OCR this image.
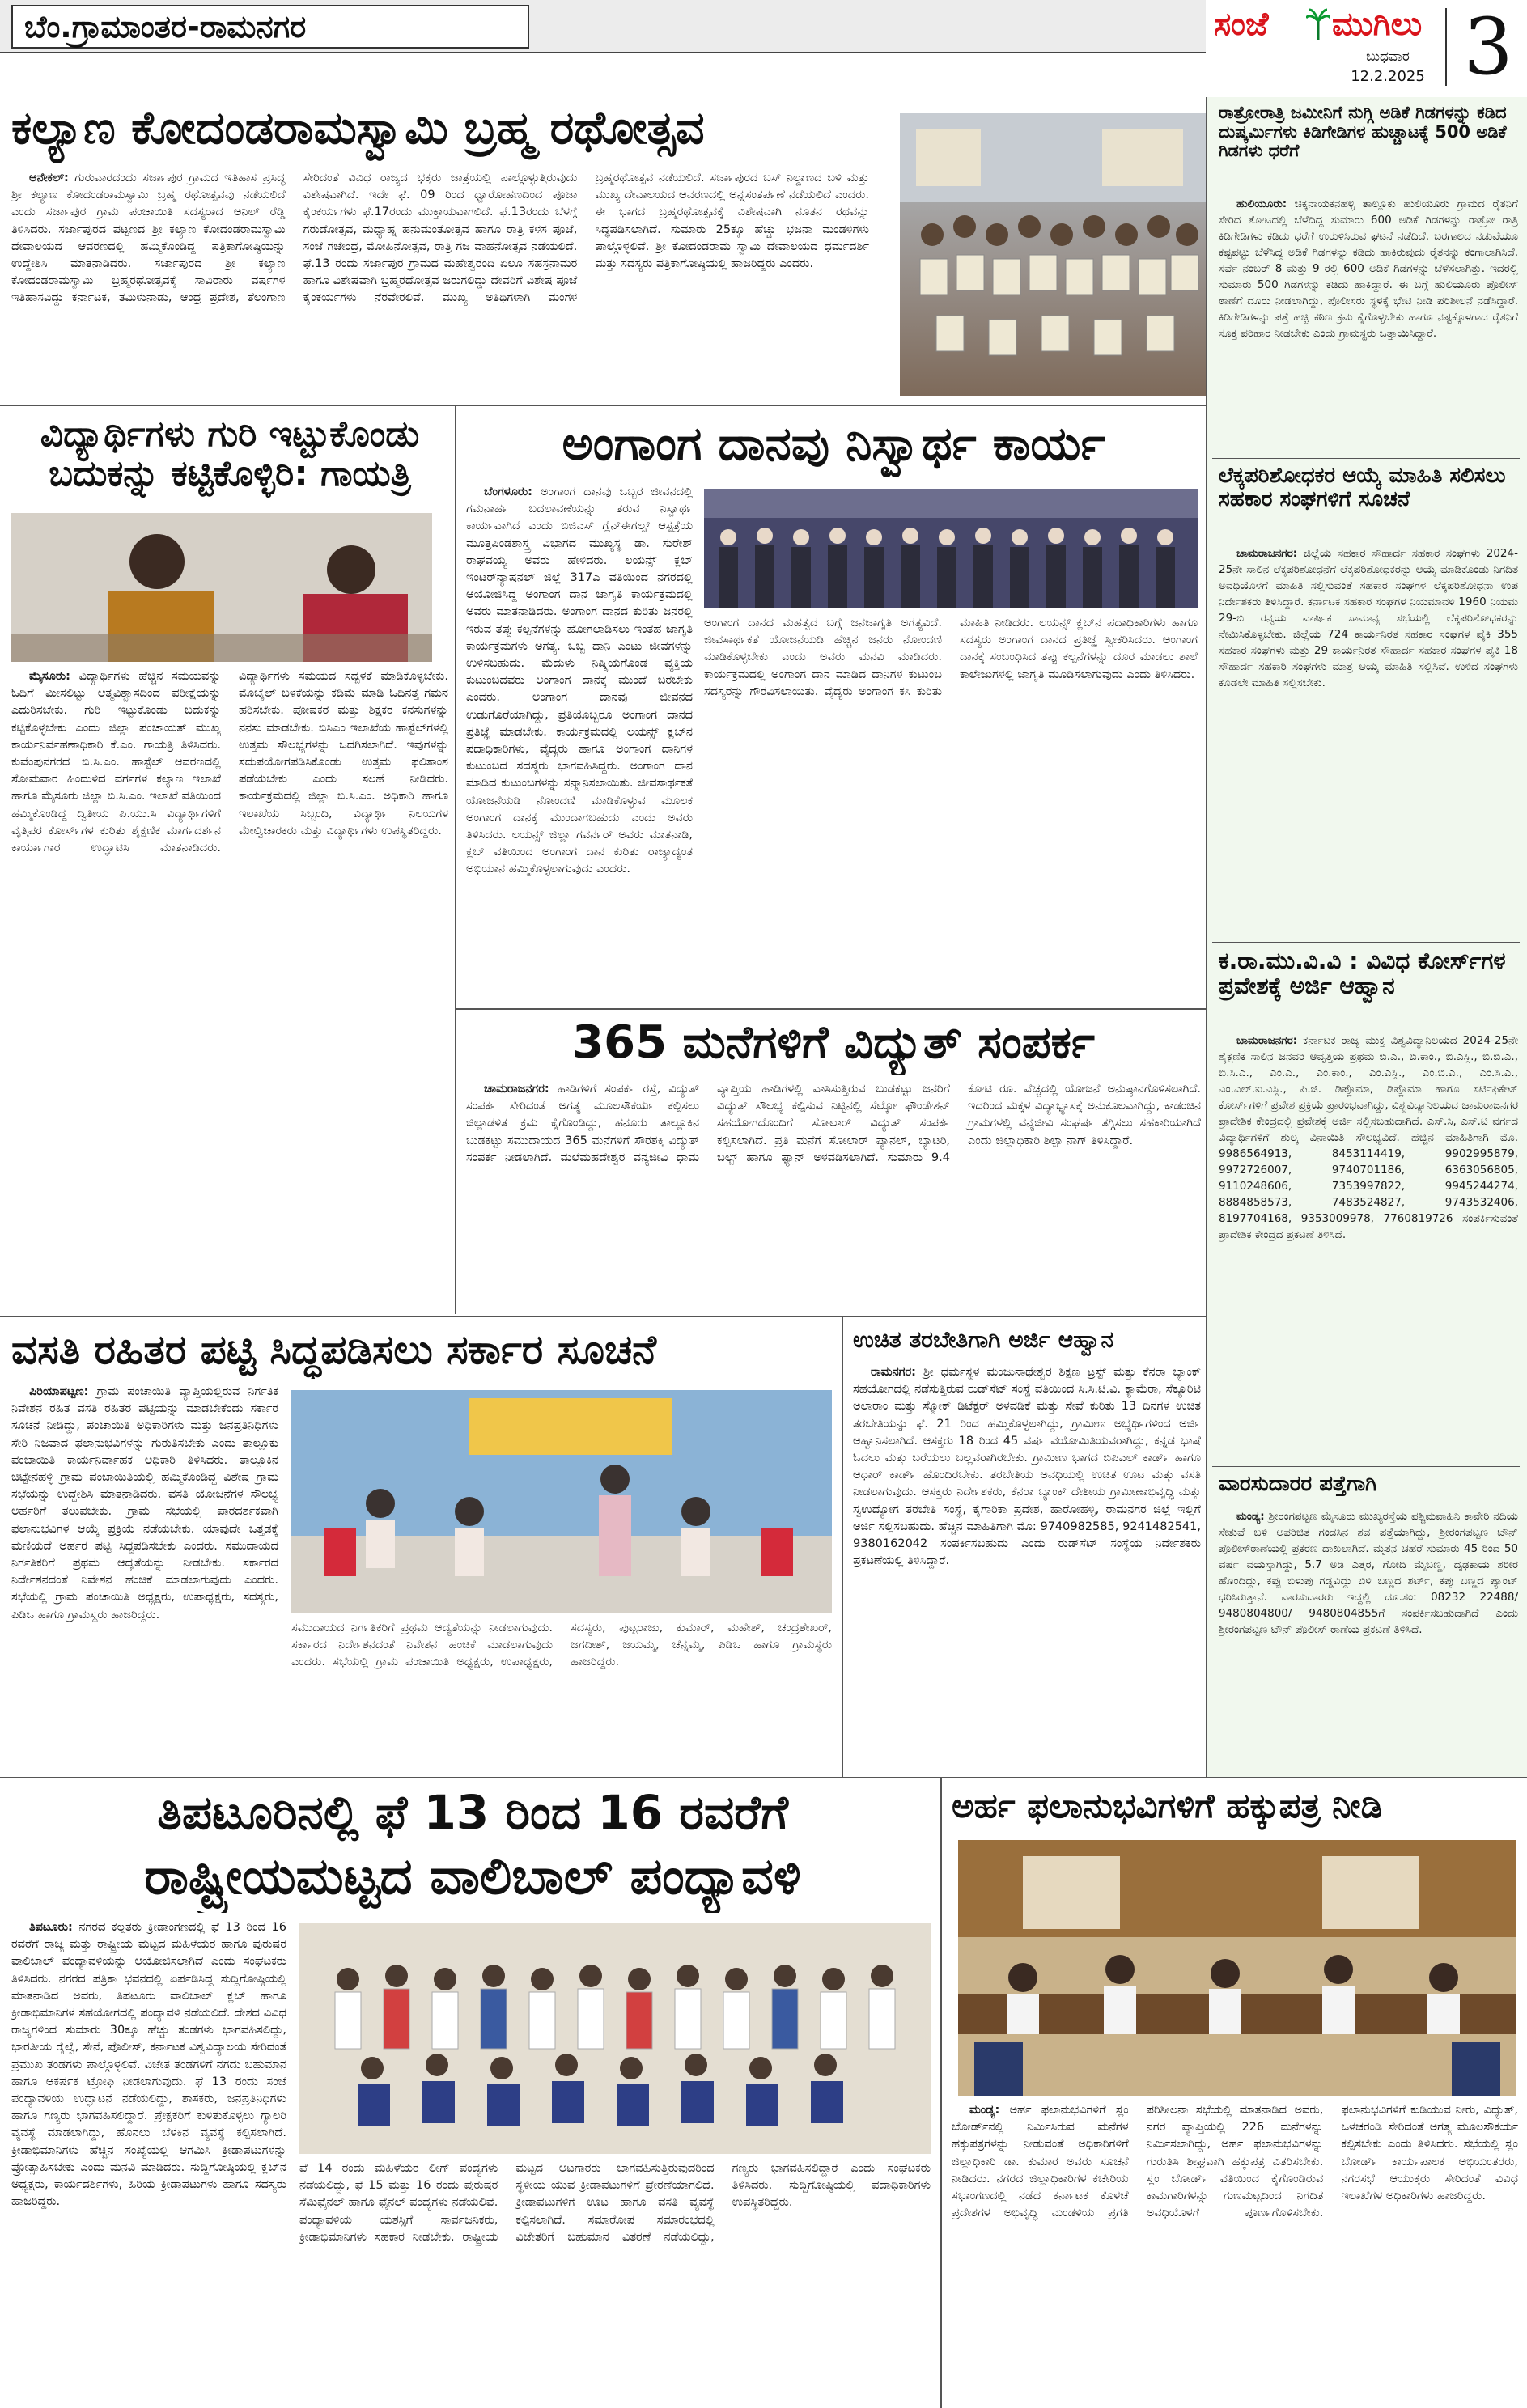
ಬೆಂ.ಗ್ರಾಮಾಂತರ-ರಾಮನಗರ	ಸಂಜೆ	ಮುಗಿಲು
ಬುಧವಾರ
12.2.2025 3
ಕಲ್ಯಾಣ ಕೋದಂಡರಾಮಸ್ವಾಮಿ ಬ್ರಹ್ಮ ರಥೋತ್ಸವ

ಆನೇಕಲ್: ಗುರುವಾರದಂದು ಸರ್ಜಾಪುರ ಗ್ರಾಮದ ಇತಿಹಾಸ ಪ್ರಸಿದ್ಧ ಶ್ರೀ ಕಲ್ಯಾಣ ಕೋದಂಡರಾಮಸ್ವಾಮಿ ಬ್ರಹ್ಮ ರಥೋತ್ಸವವು ನಡೆಯಲಿದೆ ಎಂದು ಸರ್ಜಾಪುರ ಗ್ರಾಮ ಪಂಚಾಯಿತಿ ಸದಸ್ಯರಾದ ಅನಿಲ್ ರೆಡ್ಡಿ ತಿಳಿಸಿದರು. ಸರ್ಜಾಪುರದ ಪಟ್ಟಣದ ಶ್ರೀ ಕಲ್ಯಾಣ ಕೋದಂಡರಾಮಸ್ವಾಮಿ ದೇವಾಲಯದ ಆವರಣದಲ್ಲಿ ಹಮ್ಮಿಕೊಂಡಿದ್ದ ಪತ್ರಿಕಾಗೋಷ್ಠಿಯನ್ನು ಉದ್ದೇಶಿಸಿ ಮಾತನಾಡಿದರು. ಸರ್ಜಾಪುರದ ಶ್ರೀ ಕಲ್ಯಾಣ ಕೋದಂಡರಾಮಸ್ವಾಮಿ ಬ್ರಹ್ಮರಥೋತ್ಸವಕ್ಕೆ ಸಾವಿರಾರು ವರ್ಷಗಳ ಇತಿಹಾಸವಿದ್ದು ಕರ್ನಾಟಕ, ತಮಿಳುನಾಡು, ಆಂಧ್ರ ಪ್ರದೇಶ, ತೆಲಂಗಾಣ ಸೇರಿದಂತೆ ವಿವಿಧ ರಾಜ್ಯದ ಭಕ್ತರು ಜಾತ್ರೆಯಲ್ಲಿ ಪಾಲ್ಗೊಳ್ಳುತ್ತಿರುವುದು ವಿಶೇಷವಾಗಿದೆ. ಇದೇ ಫೆ. 09 ರಿಂದ ಧ್ವಾರೋಹಣದಿಂದ ಪೂಜಾ ಕೈಂಕರ್ಯಗಳು ಫೆ.17ರಂದು ಮುಕ್ತಾಯವಾಗಲಿದೆ. ಫೆ.13ರಂದು ಬೆಳಗ್ಗೆ ಗರುಡೋತ್ಸವ, ಮಧ್ಯಾಹ್ನ ಹನುಮಂತೋತ್ಸವ ಹಾಗೂ ರಾತ್ರಿ ಕಳಸ ಪೂಜೆ, ಸಂಜೆ ಗಜೇಂದ್ರ, ಮೋಹಿನೋತ್ಸವ, ರಾತ್ರಿ ಗಜ ವಾಹನೋತ್ಸವ ನಡೆಯಲಿದೆ. ಫೆ.13 ರಂದು ಸರ್ಜಾಪುರ ಗ್ರಾಮದ ಮಹೇಶ್ವರಂದಿ ಏಲೂ ಸಹಸ್ರನಾಮರ ಹಾಗೂ ವಿಶೇಷವಾಗಿ ಬ್ರಹ್ಮರಥೋತ್ಸವ ಜರುಗಲಿದ್ದು ದೇವರಿಗೆ ವಿಶೇಷ ಪೂಜೆ ಕೈಂಕರ್ಯಗಳು ನೆರವೇರಲಿವೆ. ಮುಖ್ಯ ಅತಿಥಿಗಳಾಗಿ ಮಂಗಳ ಬ್ರಹ್ಮರಥೋತ್ಸವ ನಡೆಯಲಿದೆ. ಸರ್ಜಾಪುರದ ಬಸ್ ನಿಲ್ದಾಣದ ಬಳಿ ಮತ್ತು ಮುಖ್ಯ ದೇವಾಲಯದ ಆವರಣದಲ್ಲಿ ಅನ್ನಸಂತರ್ಪಣೆ ನಡೆಯಲಿದೆ ಎಂದರು. ಈ ಭಾಗದ ಬ್ರಹ್ಮರಥೋತ್ಸವಕ್ಕೆ ವಿಶೇಷವಾಗಿ ನೂತನ ರಥವನ್ನು ಸಿದ್ಧಪಡಿಸಲಾಗಿದೆ. ಸುಮಾರು 25ಕ್ಕೂ ಹೆಚ್ಚು ಭಜನಾ ಮಂಡಳಿಗಳು ಪಾಲ್ಗೊಳ್ಳಲಿವೆ. ಶ್ರೀ ಕೋದಂಡರಾಮ ಸ್ವಾಮಿ ದೇವಾಲಯದ ಧರ್ಮದರ್ಶಿ ಮತ್ತು ಸದಸ್ಯರು ಪತ್ರಿಕಾಗೋಷ್ಠಿಯಲ್ಲಿ ಹಾಜರಿದ್ದರು ಎಂದರು.

ರಾತ್ರೋರಾತ್ರಿ ಜಮೀನಿಗೆ ನುಗ್ಗಿ ಅಡಿಕೆ ಗಿಡಗಳನ್ನು ಕಡಿದ ದುಷ್ಕರ್ಮಿಗಳು ಕಿಡಿಗೇಡಿಗಳ ಹುಚ್ಚಾಟಕ್ಕೆ 500 ಅಡಿಕೆ ಗಿಡಗಳು ಧರೆಗೆ

ಹುಲಿಯೂರು: ಚಿಕ್ಕನಾಯಕನಹಳ್ಳಿ ತಾಲ್ಲೂಕು ಹುಲಿಯೂರು ಗ್ರಾಮದ ರೈತನಿಗೆ ಸೇರಿದ ತೋಟದಲ್ಲಿ ಬೆಳೆದಿದ್ದ ಸುಮಾರು 600 ಅಡಿಕೆ ಗಿಡಗಳನ್ನು ರಾತ್ರೋ ರಾತ್ರಿ ಕಿಡಿಗೇಡಿಗಳು ಕಡಿದು ಧರೆಗೆ ಉರುಳಿಸಿರುವ ಘಟನೆ ನಡೆದಿದೆ. ಬರಗಾಲದ ನಡುವೆಯೂ ಕಷ್ಟಪಟ್ಟು ಬೆಳೆಸಿದ್ದ ಅಡಿಕೆ ಗಿಡಗಳನ್ನು ಕಡಿದು ಹಾಕಿರುವುದು ರೈತನನ್ನು ಕಂಗಾಲಾಗಿಸಿದೆ. ಸರ್ವೆ ನಂಬರ್ 8 ಮತ್ತು 9 ರಲ್ಲಿ 600 ಅಡಿಕೆ ಗಿಡಗಳನ್ನು ಬೆಳೆಸಲಾಗಿತ್ತು. ಇದರಲ್ಲಿ ಸುಮಾರು 500 ಗಿಡಗಳನ್ನು ಕಡಿದು ಹಾಕಿದ್ದಾರೆ. ಈ ಬಗ್ಗೆ ಹುಲಿಯೂರು ಪೊಲೀಸ್ ಠಾಣೆಗೆ ದೂರು ನೀಡಲಾಗಿದ್ದು, ಪೊಲೀಸರು ಸ್ಥಳಕ್ಕೆ ಭೇಟಿ ನೀಡಿ ಪರಿಶೀಲನೆ ನಡೆಸಿದ್ದಾರೆ. ಕಿಡಿಗೇಡಿಗಳನ್ನು ಪತ್ತೆ ಹಚ್ಚಿ ಕಠಿಣ ಕ್ರಮ ಕೈಗೊಳ್ಳಬೇಕು ಹಾಗೂ ನಷ್ಟಕ್ಕೊಳಗಾದ ರೈತನಿಗೆ ಸೂಕ್ತ ಪರಿಹಾರ ನೀಡಬೇಕು ಎಂದು ಗ್ರಾಮಸ್ಥರು ಒತ್ತಾಯಿಸಿದ್ದಾರೆ.

ಲೆಕ್ಕಪರಿಶೋಧಕರ ಆಯ್ಕೆ ಮಾಹಿತಿ ಸಲಿಸಲು ಸಹಕಾರ ಸಂಘಗಳಿಗೆ ಸೂಚನೆ

ಚಾಮರಾಜನಗರ: ಜಿಲ್ಲೆಯ ಸಹಕಾರ ಸೌಹಾರ್ದ ಸಹಕಾರ ಸಂಘಗಳು 2024-25ನೇ ಸಾಲಿನ ಲೆಕ್ಕಪರಿಶೋಧನೆಗೆ ಲೆಕ್ಕಪರಿಶೋಧಕರನ್ನು ಆಯ್ಕೆ ಮಾಡಿಕೊಂಡು ನಿಗದಿತ ಅವಧಿಯೊಳಗೆ ಮಾಹಿತಿ ಸಲ್ಲಿಸುವಂತೆ ಸಹಕಾರ ಸಂಘಗಳ ಲೆಕ್ಕಪರಿಶೋಧನಾ ಉಪ ನಿರ್ದೇಶಕರು ತಿಳಿಸಿದ್ದಾರೆ. ಕರ್ನಾಟಕ ಸಹಕಾರ ಸಂಘಗಳ ನಿಯಮಾವಳಿ 1960 ನಿಯಮ 29-ಬಿ ರನ್ವಯ ವಾರ್ಷಿಕ ಸಾಮಾನ್ಯ ಸಭೆಯಲ್ಲಿ ಲೆಕ್ಕಪರಿಶೋಧಕರನ್ನು ನೇಮಿಸಿಕೊಳ್ಳಬೇಕು. ಜಿಲ್ಲೆಯ 724 ಕಾರ್ಯನಿರತ ಸಹಕಾರ ಸಂಘಗಳ ಪೈಕಿ 355 ಸಹಕಾರ ಸಂಘಗಳು ಮತ್ತು 29 ಕಾರ್ಯನಿರತ ಸೌಹಾರ್ದ ಸಹಕಾರ ಸಂಘಗಳ ಪೈಕಿ 18 ಸೌಹಾರ್ದ ಸಹಕಾರಿ ಸಂಘಗಳು ಮಾತ್ರ ಆಯ್ಕೆ ಮಾಹಿತಿ ಸಲ್ಲಿಸಿವೆ. ಉಳಿದ ಸಂಘಗಳು ಕೂಡಲೇ ಮಾಹಿತಿ ಸಲ್ಲಿಸಬೇಕು.

ಕ.ರಾ.ಮು.ವಿ.ವಿ : ವಿವಿಧ ಕೋರ್ಸ್‌ಗಳ ಪ್ರವೇಶಕ್ಕೆ ಅರ್ಜಿ ಆಹ್ವಾನ

ಚಾಮರಾಜನಗರ: ಕರ್ನಾಟಕ ರಾಜ್ಯ ಮುಕ್ತ ವಿಶ್ವವಿದ್ಯಾನಿಲಯದ 2024-25ನೇ ಶೈಕ್ಷಣಿಕ ಸಾಲಿನ ಜನವರಿ ಆವೃತ್ತಿಯ ಪ್ರಥಮ ಬಿ.ಎ., ಬಿ.ಕಾಂ., ಬಿ.ಎಸ್ಸಿ., ಬಿ.ಬಿ.ಎ., ಬಿ.ಸಿ.ಎ., ಎಂ.ಎ., ಎಂ.ಕಾಂ., ಎಂ.ಎಸ್ಸಿ., ಎಂ.ಬಿ.ಎ., ಎಂ.ಸಿ.ಎ., ಎಂ.ಎಲ್.ಐ.ಎಸ್ಸಿ., ಪಿ.ಜಿ. ಡಿಪ್ಲೊಮಾ, ಡಿಪ್ಲೊಮಾ ಹಾಗೂ ಸರ್ಟಿಫಿಕೇಟ್ ಕೋರ್ಸ್‌ಗಳಿಗೆ ಪ್ರವೇಶ ಪ್ರಕ್ರಿಯೆ ಪ್ರಾರಂಭವಾಗಿದ್ದು, ವಿಶ್ವವಿದ್ಯಾನಿಲಯದ ಚಾಮರಾಜನಗರ ಪ್ರಾದೇಶಿಕ ಕೇಂದ್ರದಲ್ಲಿ ಪ್ರವೇಶಕ್ಕೆ ಅರ್ಜಿ ಸಲ್ಲಿಸಬಹುದಾಗಿದೆ. ಎಸ್.ಸಿ, ಎಸ್.ಟಿ ವರ್ಗದ ವಿದ್ಯಾರ್ಥಿಗಳಿಗೆ ಶುಲ್ಕ ವಿನಾಯಿತಿ ಸೌಲಭ್ಯವಿದೆ. ಹೆಚ್ಚಿನ ಮಾಹಿತಿಗಾಗಿ ಮೊ. 9986564913, 8453114419, 9902995879, 9972726007, 9740701186, 6363056805, 9110248606, 7353997822, 9945244274, 8884858573, 7483524827, 9743532406, 8197704168, 9353009978, 7760819726 ಸಂಪರ್ಕಿಸುವಂತೆ ಪ್ರಾದೇಶಿಕ ಕೇಂದ್ರದ ಪ್ರಕಟಣೆ ತಿಳಿಸಿದೆ.

ವಾರಸುದಾರರ ಪತ್ತೆಗಾಗಿ

ಮಂಡ್ಯ: ಶ್ರೀರಂಗಪಟ್ಟಣ ಮೈಸೂರು ಮುಖ್ಯರಸ್ತೆಯ ಪಶ್ಚಿಮವಾಹಿನಿ ಕಾವೇರಿ ನದಿಯ ಸೇತುವೆ ಬಳಿ ಅಪರಿಚಿತ ಗಂಡಸಿನ ಶವ ಪತ್ತೆಯಾಗಿದ್ದು, ಶ್ರೀರಂಗಪಟ್ಟಣ ಟೌನ್ ಪೊಲೀಸ್‌ಠಾಣೆಯಲ್ಲಿ ಪ್ರಕರಣ ದಾಖಲಾಗಿದೆ. ಮೃತನ ಚಹರೆ ಸುಮಾರು 45 ರಿಂದ 50 ವರ್ಷ ವಯಸ್ಸಾಗಿದ್ದು, 5.7 ಅಡಿ ಎತ್ತರ, ಗೋದಿ ಮೈಬಣ್ಣ, ದೃಢಕಾಯ ಶರೀರ ಹೊಂದಿದ್ದು, ಕಪ್ಪು ಬಿಳುಪು ಗಡ್ಡವಿದ್ದು ಬಿಳಿ ಬಣ್ಣದ ಶರ್ಟ್, ಕಪ್ಪು ಬಣ್ಣದ ಪ್ಯಾಂಟ್ ಧರಿಸಿರುತ್ತಾನೆ. ವಾರಸುದಾರರು ಇದ್ದಲ್ಲಿ ದೂ.ಸಂ: 08232 22488/ 9480804800/ 9480804855ಗೆ ಸಂಪರ್ಕಿಸಬಹುದಾಗಿದೆ ಎಂದು ಶ್ರೀರಂಗಪಟ್ಟಣ ಟೌನ್ ಪೊಲೀಸ್ ಠಾಣೆಯ ಪ್ರಕಟಣೆ ತಿಳಿಸಿದೆ.

ವಿದ್ಯಾರ್ಥಿಗಳು ಗುರಿ ಇಟ್ಟುಕೊಂಡು ಬದುಕನ್ನು ಕಟ್ಟಿಕೊಳ್ಳಿರಿ: ಗಾಯತ್ರಿ

ಮೈಸೂರು: ವಿದ್ಯಾರ್ಥಿಗಳು ಹೆಚ್ಚಿನ ಸಮಯವನ್ನು ಓದಿಗೆ ಮೀಸಲಿಟ್ಟು ಆತ್ಮವಿಶ್ವಾಸದಿಂದ ಪರೀಕ್ಷೆಯನ್ನು ಎದುರಿಸಬೇಕು. ಗುರಿ ಇಟ್ಟುಕೊಂಡು ಬದುಕನ್ನು ಕಟ್ಟಿಕೊಳ್ಳಬೇಕು ಎಂದು ಜಿಲ್ಲಾ ಪಂಚಾಯತ್ ಮುಖ್ಯ ಕಾರ್ಯನಿರ್ವಹಣಾಧಿಕಾರಿ ಕೆ.ಎಂ. ಗಾಯತ್ರಿ ತಿಳಿಸಿದರು. ಕುವೆಂಪುನಗರದ ಬಿ.ಸಿ.ಎಂ. ಹಾಸ್ಟೆಲ್ ಆವರಣದಲ್ಲಿ ಸೋಮವಾರ ಹಿಂದುಳಿದ ವರ್ಗಗಳ ಕಲ್ಯಾಣ ಇಲಾಖೆ ಹಾಗೂ ಮೈಸೂರು ಜಿಲ್ಲಾ ಬಿ.ಸಿ.ಎಂ. ಇಲಾಖೆ ವತಿಯಿಂದ ಹಮ್ಮಿಕೊಂಡಿದ್ದ ದ್ವಿತೀಯ ಪಿ.ಯು.ಸಿ ವಿದ್ಯಾರ್ಥಿಗಳಿಗೆ ವೃತ್ತಿಪರ ಕೋರ್ಸ್‌ಗಳ ಕುರಿತು ಶೈಕ್ಷಣಿಕ ಮಾರ್ಗದರ್ಶನ ಕಾರ್ಯಾಗಾರ ಉದ್ಘಾಟಿಸಿ ಮಾತನಾಡಿದರು. ವಿದ್ಯಾರ್ಥಿಗಳು ಸಮಯದ ಸದ್ಬಳಕೆ ಮಾಡಿಕೊಳ್ಳಬೇಕು. ಮೊಬೈಲ್ ಬಳಕೆಯನ್ನು ಕಡಿಮೆ ಮಾಡಿ ಓದಿನತ್ತ ಗಮನ ಹರಿಸಬೇಕು. ಪೋಷಕರ ಮತ್ತು ಶಿಕ್ಷಕರ ಕನಸುಗಳನ್ನು ನನಸು ಮಾಡಬೇಕು. ಬಿಸಿಎಂ ಇಲಾಖೆಯ ಹಾಸ್ಟೆಲ್‌ಗಳಲ್ಲಿ ಉತ್ತಮ ಸೌಲಭ್ಯಗಳನ್ನು ಒದಗಿಸಲಾಗಿದೆ. ಇವುಗಳನ್ನು ಸದುಪಯೋಗಪಡಿಸಿಕೊಂಡು ಉತ್ತಮ ಫಲಿತಾಂಶ ಪಡೆಯಬೇಕು ಎಂದು ಸಲಹೆ ನೀಡಿದರು. ಕಾರ್ಯಕ್ರಮದಲ್ಲಿ ಜಿಲ್ಲಾ ಬಿ.ಸಿ.ಎಂ. ಅಧಿಕಾರಿ ಹಾಗೂ ಇಲಾಖೆಯ ಸಿಬ್ಬಂದಿ, ವಿದ್ಯಾರ್ಥಿ ನಿಲಯಗಳ ಮೇಲ್ವಿಚಾರಕರು ಮತ್ತು ವಿದ್ಯಾರ್ಥಿಗಳು ಉಪಸ್ಥಿತರಿದ್ದರು.

ಅಂಗಾಂಗ ದಾನವು ನಿಸ್ವಾರ್ಥ ಕಾರ್ಯ

ಬೆಂಗಳೂರು: ಅಂಗಾಂಗ ದಾನವು ಒಬ್ಬರ ಜೀವನದಲ್ಲಿ ಗಮನಾರ್ಹ ಬದಲಾವಣೆಯನ್ನು ತರುವ ನಿಸ್ವಾರ್ಥ ಕಾರ್ಯವಾಗಿದೆ ಎಂದು ಬಿಜಿಎಸ್ ಗ್ಲೆನ್‌ಈಗಲ್ಸ್ ಆಸ್ಪತ್ರೆಯ ಮೂತ್ರಪಿಂಡಶಾಸ್ತ್ರ ವಿಭಾಗದ ಮುಖ್ಯಸ್ಥ ಡಾ. ಸುರೇಶ್ ರಾಘವಯ್ಯ ಅವರು ಹೇಳಿದರು. ಲಯನ್ಸ್ ಕ್ಲಬ್ ಇಂಟರ್‌ನ್ಯಾಷನಲ್ ಜಿಲ್ಲೆ 317ಎ ವತಿಯಿಂದ ನಗರದಲ್ಲಿ ಆಯೋಜಿಸಿದ್ದ ಅಂಗಾಂಗ ದಾನ ಜಾಗೃತಿ ಕಾರ್ಯಕ್ರಮದಲ್ಲಿ ಅವರು ಮಾತನಾಡಿದರು. ಅಂಗಾಂಗ ದಾನದ ಕುರಿತು ಜನರಲ್ಲಿ ಇರುವ ತಪ್ಪು ಕಲ್ಪನೆಗಳನ್ನು ಹೋಗಲಾಡಿಸಲು ಇಂತಹ ಜಾಗೃತಿ ಕಾರ್ಯಕ್ರಮಗಳು ಅಗತ್ಯ. ಒಬ್ಬ ದಾನಿ ಎಂಟು ಜೀವಗಳನ್ನು ಉಳಿಸಬಹುದು. ಮೆದುಳು ನಿಷ್ಕ್ರಿಯಗೊಂಡ ವ್ಯಕ್ತಿಯ ಕುಟುಂಬದವರು ಅಂಗಾಂಗ ದಾನಕ್ಕೆ ಮುಂದೆ ಬರಬೇಕು ಎಂದರು. ಅಂಗಾಂಗ ದಾನವು ಜೀವನದ ಉಡುಗೊರೆಯಾಗಿದ್ದು, ಪ್ರತಿಯೊಬ್ಬರೂ ಅಂಗಾಂಗ ದಾನದ ಪ್ರತಿಜ್ಞೆ ಮಾಡಬೇಕು. ಕಾರ್ಯಕ್ರಮದಲ್ಲಿ ಲಯನ್ಸ್ ಕ್ಲಬ್‌ನ ಪದಾಧಿಕಾರಿಗಳು, ವೈದ್ಯರು ಹಾಗೂ ಅಂಗಾಂಗ ದಾನಿಗಳ ಕುಟುಂಬದ ಸದಸ್ಯರು ಭಾಗವಹಿಸಿದ್ದರು. ಅಂಗಾಂಗ ದಾನ ಮಾಡಿದ ಕುಟುಂಬಗಳನ್ನು ಸನ್ಮಾನಿಸಲಾಯಿತು. ಜೀವಸಾರ್ಥಕತೆ ಯೋಜನೆಯಡಿ ನೋಂದಣಿ ಮಾಡಿಕೊಳ್ಳುವ ಮೂಲಕ ಅಂಗಾಂಗ ದಾನಕ್ಕೆ ಮುಂದಾಗಬಹುದು ಎಂದು ಅವರು ತಿಳಿಸಿದರು. ಲಯನ್ಸ್ ಜಿಲ್ಲಾ ಗವರ್ನರ್ ಅವರು ಮಾತನಾಡಿ, ಕ್ಲಬ್ ವತಿಯಿಂದ ಅಂಗಾಂಗ ದಾನ ಕುರಿತು ರಾಜ್ಯಾದ್ಯಂತ ಅಭಿಯಾನ ಹಮ್ಮಿಕೊಳ್ಳಲಾಗುವುದು ಎಂದರು.

ಅಂಗಾಂಗ ದಾನದ ಮಹತ್ವದ ಬಗ್ಗೆ ಜನಜಾಗೃತಿ ಅಗತ್ಯವಿದೆ. ಜೀವಸಾರ್ಥಕತೆ ಯೋಜನೆಯಡಿ ಹೆಚ್ಚಿನ ಜನರು ನೋಂದಣಿ ಮಾಡಿಕೊಳ್ಳಬೇಕು ಎಂದು ಅವರು ಮನವಿ ಮಾಡಿದರು. ಕಾರ್ಯಕ್ರಮದಲ್ಲಿ ಅಂಗಾಂಗ ದಾನ ಮಾಡಿದ ದಾನಿಗಳ ಕುಟುಂಬ ಸದಸ್ಯರನ್ನು ಗೌರವಿಸಲಾಯಿತು. ವೈದ್ಯರು ಅಂಗಾಂಗ ಕಸಿ ಕುರಿತು ಮಾಹಿತಿ ನೀಡಿದರು. ಲಯನ್ಸ್ ಕ್ಲಬ್‌ನ ಪದಾಧಿಕಾರಿಗಳು ಹಾಗೂ ಸದಸ್ಯರು ಅಂಗಾಂಗ ದಾನದ ಪ್ರತಿಜ್ಞೆ ಸ್ವೀಕರಿಸಿದರು. ಅಂಗಾಂಗ ದಾನಕ್ಕೆ ಸಂಬಂಧಿಸಿದ ತಪ್ಪು ಕಲ್ಪನೆಗಳನ್ನು ದೂರ ಮಾಡಲು ಶಾಲೆ ಕಾಲೇಜುಗಳಲ್ಲಿ ಜಾಗೃತಿ ಮೂಡಿಸಲಾಗುವುದು ಎಂದು ತಿಳಿಸಿದರು.

365 ಮನೆಗಳಿಗೆ ವಿದ್ಯುತ್ ಸಂಪರ್ಕ

ಚಾಮರಾಜನಗರ: ಹಾಡಿಗಳಿಗೆ ಸಂಪರ್ಕ ರಸ್ತೆ, ವಿದ್ಯುತ್ ಸಂಪರ್ಕ ಸೇರಿದಂತೆ ಅಗತ್ಯ ಮೂಲಸೌಕರ್ಯ ಕಲ್ಪಿಸಲು ಜಿಲ್ಲಾಡಳಿತ ಕ್ರಮ ಕೈಗೊಂಡಿದ್ದು, ಹನೂರು ತಾಲ್ಲೂಕಿನ ಬುಡಕಟ್ಟು ಸಮುದಾಯದ 365 ಮನೆಗಳಿಗೆ ಸೌರಶಕ್ತಿ ವಿದ್ಯುತ್ ಸಂಪರ್ಕ ನೀಡಲಾಗಿದೆ. ಮಲೆಮಹದೇಶ್ವರ ವನ್ಯಜೀವಿ ಧಾಮ ವ್ಯಾಪ್ತಿಯ ಹಾಡಿಗಳಲ್ಲಿ ವಾಸಿಸುತ್ತಿರುವ ಬುಡಕಟ್ಟು ಜನರಿಗೆ ವಿದ್ಯುತ್ ಸೌಲಭ್ಯ ಕಲ್ಪಿಸುವ ನಿಟ್ಟಿನಲ್ಲಿ ಸೆಲ್ಕೋ ಫೌಂಡೇಶನ್ ಸಹಯೋಗದೊಂದಿಗೆ ಸೋಲಾರ್ ವಿದ್ಯುತ್ ಸಂಪರ್ಕ ಕಲ್ಪಿಸಲಾಗಿದೆ. ಪ್ರತಿ ಮನೆಗೆ ಸೋಲಾರ್ ಪ್ಯಾನಲ್, ಬ್ಯಾಟರಿ, ಬಲ್ಬ್ ಹಾಗೂ ಫ್ಯಾನ್ ಅಳವಡಿಸಲಾಗಿದೆ. ಸುಮಾರು 9.4 ಕೋಟಿ ರೂ. ವೆಚ್ಚದಲ್ಲಿ ಯೋಜನೆ ಅನುಷ್ಠಾನಗೊಳಿಸಲಾಗಿದೆ. ಇದರಿಂದ ಮಕ್ಕಳ ವಿದ್ಯಾಭ್ಯಾಸಕ್ಕೆ ಅನುಕೂಲವಾಗಿದ್ದು, ಕಾಡಂಚಿನ ಗ್ರಾಮಗಳಲ್ಲಿ ವನ್ಯಜೀವಿ ಸಂಘರ್ಷ ತಗ್ಗಿಸಲು ಸಹಕಾರಿಯಾಗಿದೆ ಎಂದು ಜಿಲ್ಲಾಧಿಕಾರಿ ಶಿಲ್ಪಾ ನಾಗ್ ತಿಳಿಸಿದ್ದಾರೆ.

ವಸತಿ ರಹಿತರ ಪಟ್ಟಿ ಸಿದ್ಧಪಡಿಸಲು ಸರ್ಕಾರ ಸೂಚನೆ

ಪಿರಿಯಾಪಟ್ಟಣ: ಗ್ರಾಮ ಪಂಚಾಯಿತಿ ವ್ಯಾಪ್ತಿಯಲ್ಲಿರುವ ನಿರ್ಗತಿಕ ನಿವೇಶನ ರಹಿತ ವಸತಿ ರಹಿತರ ಪಟ್ಟಿಯನ್ನು ಮಾಡಬೇಕೆಂದು ಸರ್ಕಾರ ಸೂಚನೆ ನೀಡಿದ್ದು, ಪಂಚಾಯಿತಿ ಅಧಿಕಾರಿಗಳು ಮತ್ತು ಜನಪ್ರತಿನಿಧಿಗಳು ಸೇರಿ ನಿಜವಾದ ಫಲಾನುಭವಿಗಳನ್ನು ಗುರುತಿಸಬೇಕು ಎಂದು ತಾಲ್ಲೂಕು ಪಂಚಾಯಿತಿ ಕಾರ್ಯನಿರ್ವಾಹಕ ಅಧಿಕಾರಿ ತಿಳಿಸಿದರು. ತಾಲ್ಲೂಕಿನ ಚಿಟ್ಟೇನಹಳ್ಳಿ ಗ್ರಾಮ ಪಂಚಾಯಿತಿಯಲ್ಲಿ ಹಮ್ಮಿಕೊಂಡಿದ್ದ ವಿಶೇಷ ಗ್ರಾಮ ಸಭೆಯನ್ನು ಉದ್ದೇಶಿಸಿ ಮಾತನಾಡಿದರು. ವಸತಿ ಯೋಜನೆಗಳ ಸೌಲಭ್ಯ ಅರ್ಹರಿಗೆ ತಲುಪಬೇಕು. ಗ್ರಾಮ ಸಭೆಯಲ್ಲಿ ಪಾರದರ್ಶಕವಾಗಿ ಫಲಾನುಭವಿಗಳ ಆಯ್ಕೆ ಪ್ರಕ್ರಿಯೆ ನಡೆಯಬೇಕು. ಯಾವುದೇ ಒತ್ತಡಕ್ಕೆ ಮಣಿಯದೆ ಅರ್ಹರ ಪಟ್ಟಿ ಸಿದ್ಧಪಡಿಸಬೇಕು ಎಂದರು. ಸಮುದಾಯದ ನಿರ್ಗತಿಕರಿಗೆ ಪ್ರಥಮ ಆದ್ಯತೆಯನ್ನು ನೀಡಬೇಕು. ಸರ್ಕಾರದ ನಿರ್ದೇಶನದಂತೆ ನಿವೇಶನ ಹಂಚಿಕೆ ಮಾಡಲಾಗುವುದು ಎಂದರು. ಸಭೆಯಲ್ಲಿ ಗ್ರಾಮ ಪಂಚಾಯಿತಿ ಅಧ್ಯಕ್ಷರು, ಉಪಾಧ್ಯಕ್ಷರು, ಸದಸ್ಯರು, ಪಿಡಿಒ ಹಾಗೂ ಗ್ರಾಮಸ್ಥರು ಹಾಜರಿದ್ದರು.

ಸಮುದಾಯದ ನಿರ್ಗತಿಕರಿಗೆ ಪ್ರಥಮ ಆದ್ಯತೆಯನ್ನು ನೀಡಲಾಗುವುದು. ಸರ್ಕಾರದ ನಿರ್ದೇಶನದಂತೆ ನಿವೇಶನ ಹಂಚಿಕೆ ಮಾಡಲಾಗುವುದು ಎಂದರು. ಸಭೆಯಲ್ಲಿ ಗ್ರಾಮ ಪಂಚಾಯಿತಿ ಅಧ್ಯಕ್ಷರು, ಉಪಾಧ್ಯಕ್ಷರು, ಸದಸ್ಯರು, ಪುಟ್ಟರಾಜು, ಕುಮಾರ್, ಮಹೇಶ್, ಚಂದ್ರಶೇಖರ್, ಜಗದೀಶ್, ಜಯಮ್ಮ, ಚೆನ್ನಮ್ಮ, ಪಿಡಿಒ ಹಾಗೂ ಗ್ರಾಮಸ್ಥರು ಹಾಜರಿದ್ದರು.

ಉಚಿತ ತರಬೇತಿಗಾಗಿ ಅರ್ಜಿ ಆಹ್ವಾನ

ರಾಮನಗರ: ಶ್ರೀ ಧರ್ಮಸ್ಥಳ ಮಂಜುನಾಥೇಶ್ವರ ಶಿಕ್ಷಣ ಟ್ರಸ್ಟ್ ಮತ್ತು ಕೆನರಾ ಬ್ಯಾಂಕ್ ಸಹಯೋಗದಲ್ಲಿ ನಡೆಸುತ್ತಿರುವ ರುಡ್‌ಸೆಟ್ ಸಂಸ್ಥೆ ವತಿಯಿಂದ ಸಿ.ಸಿ.ಟಿ.ವಿ. ಕ್ಯಾಮೆರಾ, ಸೆಕ್ಯೂರಿಟಿ ಅಲಾರಾಂ ಮತ್ತು ಸ್ಮೋಕ್ ಡಿಟೆಕ್ಟರ್ ಅಳವಡಿಕೆ ಮತ್ತು ಸೇವೆ ಕುರಿತು 13 ದಿನಗಳ ಉಚಿತ ತರಬೇತಿಯನ್ನು ಫೆ. 21 ರಿಂದ ಹಮ್ಮಿಕೊಳ್ಳಲಾಗಿದ್ದು, ಗ್ರಾಮೀಣ ಅಭ್ಯರ್ಥಿಗಳಿಂದ ಅರ್ಜಿ ಆಹ್ವಾನಿಸಲಾಗಿದೆ. ಆಸಕ್ತರು 18 ರಿಂದ 45 ವರ್ಷ ವಯೋಮಿತಿಯವರಾಗಿದ್ದು, ಕನ್ನಡ ಭಾಷೆ ಓದಲು ಮತ್ತು ಬರೆಯಲು ಬಲ್ಲವರಾಗಿರಬೇಕು. ಗ್ರಾಮೀಣ ಭಾಗದ ಬಿಪಿಎಲ್ ಕಾರ್ಡ್ ಹಾಗೂ ಆಧಾರ್ ಕಾರ್ಡ್ ಹೊಂದಿರಬೇಕು. ತರಬೇತಿಯ ಅವಧಿಯಲ್ಲಿ ಉಚಿತ ಊಟ ಮತ್ತು ವಸತಿ ನೀಡಲಾಗುವುದು. ಆಸಕ್ತರು ನಿರ್ದೇಶಕರು, ಕೆನರಾ ಬ್ಯಾಂಕ್ ದೇಶೀಯ ಗ್ರಾಮೀಣಾಭಿವೃದ್ಧಿ ಮತ್ತು ಸ್ವಉದ್ಯೋಗ ತರಬೇತಿ ಸಂಸ್ಥೆ, ಕೈಗಾರಿಕಾ ಪ್ರದೇಶ, ಹಾರೋಹಳ್ಳಿ, ರಾಮನಗರ ಜಿಲ್ಲೆ ಇಲ್ಲಿಗೆ ಅರ್ಜಿ ಸಲ್ಲಿಸಬಹುದು. ಹೆಚ್ಚಿನ ಮಾಹಿತಿಗಾಗಿ ಮೊ: 9740982585, 9241482541, 9380162042 ಸಂಪರ್ಕಿಸಬಹುದು ಎಂದು ರುಡ್‌ಸೆಟ್ ಸಂಸ್ಥೆಯ ನಿರ್ದೇಶಕರು ಪ್ರಕಟಣೆಯಲ್ಲಿ ತಿಳಿಸಿದ್ದಾರೆ.

ತಿಪಟೂರಿನಲ್ಲಿ ಫೆ 13 ರಿಂದ 16 ರವರೆಗೆ
ರಾಷ್ಟ್ರೀಯಮಟ್ಟದ ವಾಲಿಬಾಲ್ ಪಂದ್ಯಾವಳಿ

ತಿಪಟೂರು: ನಗರದ ಕಲ್ಪತರು ಕ್ರೀಡಾಂಗಣದಲ್ಲಿ ಫೆ 13 ರಿಂದ 16 ರವರೆಗೆ ರಾಜ್ಯ ಮತ್ತು ರಾಷ್ಟ್ರೀಯ ಮಟ್ಟದ ಮಹಿಳೆಯರ ಹಾಗೂ ಪುರುಷರ ವಾಲಿಬಾಲ್ ಪಂದ್ಯಾವಳಿಯನ್ನು ಆಯೋಜಿಸಲಾಗಿದೆ ಎಂದು ಸಂಘಟಕರು ತಿಳಿಸಿದರು. ನಗರದ ಪತ್ರಿಕಾ ಭವನದಲ್ಲಿ ಏರ್ಪಡಿಸಿದ್ದ ಸುದ್ದಿಗೋಷ್ಠಿಯಲ್ಲಿ ಮಾತನಾಡಿದ ಅವರು, ತಿಪಟೂರು ವಾಲಿಬಾಲ್ ಕ್ಲಬ್ ಹಾಗೂ ಕ್ರೀಡಾಭಿಮಾನಿಗಳ ಸಹಯೋಗದಲ್ಲಿ ಪಂದ್ಯಾವಳಿ ನಡೆಯಲಿದೆ. ದೇಶದ ವಿವಿಧ ರಾಜ್ಯಗಳಿಂದ ಸುಮಾರು 30ಕ್ಕೂ ಹೆಚ್ಚು ತಂಡಗಳು ಭಾಗವಹಿಸಲಿದ್ದು, ಭಾರತೀಯ ರೈಲ್ವೆ, ಸೇನೆ, ಪೊಲೀಸ್, ಕರ್ನಾಟಕ ವಿಶ್ವವಿದ್ಯಾಲಯ ಸೇರಿದಂತೆ ಪ್ರಮುಖ ತಂಡಗಳು ಪಾಲ್ಗೊಳ್ಳಲಿವೆ. ವಿಜೇತ ತಂಡಗಳಿಗೆ ನಗದು ಬಹುಮಾನ ಹಾಗೂ ಆಕರ್ಷಕ ಟ್ರೋಫಿ ನೀಡಲಾಗುವುದು. ಫೆ 13 ರಂದು ಸಂಜೆ ಪಂದ್ಯಾವಳಿಯ ಉದ್ಘಾಟನೆ ನಡೆಯಲಿದ್ದು, ಶಾಸಕರು, ಜನಪ್ರತಿನಿಧಿಗಳು ಹಾಗೂ ಗಣ್ಯರು ಭಾಗವಹಿಸಲಿದ್ದಾರೆ. ಪ್ರೇಕ್ಷಕರಿಗೆ ಕುಳಿತುಕೊಳ್ಳಲು ಗ್ಯಾಲರಿ ವ್ಯವಸ್ಥೆ ಮಾಡಲಾಗಿದ್ದು, ಹೊನಲು ಬೆಳಕಿನ ವ್ಯವಸ್ಥೆ ಕಲ್ಪಿಸಲಾಗಿದೆ. ಕ್ರೀಡಾಭಿಮಾನಿಗಳು ಹೆಚ್ಚಿನ ಸಂಖ್ಯೆಯಲ್ಲಿ ಆಗಮಿಸಿ ಕ್ರೀಡಾಪಟುಗಳನ್ನು ಪ್ರೋತ್ಸಾಹಿಸಬೇಕು ಎಂದು ಮನವಿ ಮಾಡಿದರು. ಸುದ್ದಿಗೋಷ್ಠಿಯಲ್ಲಿ ಕ್ಲಬ್‌ನ ಅಧ್ಯಕ್ಷರು, ಕಾರ್ಯದರ್ಶಿಗಳು, ಹಿರಿಯ ಕ್ರೀಡಾಪಟುಗಳು ಹಾಗೂ ಸದಸ್ಯರು ಹಾಜರಿದ್ದರು.

ಫೆ 14 ರಂದು ಮಹಿಳೆಯರ ಲೀಗ್ ಪಂದ್ಯಗಳು ನಡೆಯಲಿದ್ದು, ಫೆ 15 ಮತ್ತು 16 ರಂದು ಪುರುಷರ ಸೆಮಿಫೈನಲ್ ಹಾಗೂ ಫೈನಲ್ ಪಂದ್ಯಗಳು ನಡೆಯಲಿವೆ. ಪಂದ್ಯಾವಳಿಯ ಯಶಸ್ಸಿಗೆ ಸಾರ್ವಜನಿಕರು, ಕ್ರೀಡಾಭಿಮಾನಿಗಳು ಸಹಕಾರ ನೀಡಬೇಕು. ರಾಷ್ಟ್ರೀಯ ಮಟ್ಟದ ಆಟಗಾರರು ಭಾಗವಹಿಸುತ್ತಿರುವುದರಿಂದ ಸ್ಥಳೀಯ ಯುವ ಕ್ರೀಡಾಪಟುಗಳಿಗೆ ಪ್ರೇರಣೆಯಾಗಲಿದೆ. ಕ್ರೀಡಾಪಟುಗಳಿಗೆ ಊಟ ಹಾಗೂ ವಸತಿ ವ್ಯವಸ್ಥೆ ಕಲ್ಪಿಸಲಾಗಿದೆ. ಸಮಾರೋಪ ಸಮಾರಂಭದಲ್ಲಿ ವಿಜೇತರಿಗೆ ಬಹುಮಾನ ವಿತರಣೆ ನಡೆಯಲಿದ್ದು, ಗಣ್ಯರು ಭಾಗವಹಿಸಲಿದ್ದಾರೆ ಎಂದು ಸಂಘಟಕರು ತಿಳಿಸಿದರು. ಸುದ್ದಿಗೋಷ್ಠಿಯಲ್ಲಿ ಪದಾಧಿಕಾರಿಗಳು ಉಪಸ್ಥಿತರಿದ್ದರು.

ಅರ್ಹ ಫಲಾನುಭವಿಗಳಿಗೆ ಹಕ್ಕುಪತ್ರ ನೀಡಿ

ಮಂಡ್ಯ: ಅರ್ಹ ಫಲಾನುಭವಿಗಳಿಗೆ ಸ್ಲಂ ಬೋರ್ಡ್‌ನಲ್ಲಿ ನಿರ್ಮಿಸಿರುವ ಮನೆಗಳ ಹಕ್ಕುಪತ್ರಗಳನ್ನು ನೀಡುವಂತೆ ಅಧಿಕಾರಿಗಳಿಗೆ ಜಿಲ್ಲಾಧಿಕಾರಿ ಡಾ. ಕುಮಾರ ಅವರು ಸೂಚನೆ ನೀಡಿದರು. ನಗರದ ಜಿಲ್ಲಾಧಿಕಾರಿಗಳ ಕಚೇರಿಯ ಸಭಾಂಗಣದಲ್ಲಿ ನಡೆದ ಕರ್ನಾಟಕ ಕೊಳಚೆ ಪ್ರದೇಶಗಳ ಅಭಿವೃದ್ಧಿ ಮಂಡಳಿಯ ಪ್ರಗತಿ ಪರಿಶೀಲನಾ ಸಭೆಯಲ್ಲಿ ಮಾತನಾಡಿದ ಅವರು, ನಗರ ವ್ಯಾಪ್ತಿಯಲ್ಲಿ 226 ಮನೆಗಳನ್ನು ನಿರ್ಮಿಸಲಾಗಿದ್ದು, ಅರ್ಹ ಫಲಾನುಭವಿಗಳನ್ನು ಗುರುತಿಸಿ ಶೀಘ್ರವಾಗಿ ಹಕ್ಕುಪತ್ರ ವಿತರಿಸಬೇಕು. ಸ್ಲಂ ಬೋರ್ಡ್ ವತಿಯಿಂದ ಕೈಗೊಂಡಿರುವ ಕಾಮಗಾರಿಗಳನ್ನು ಗುಣಮಟ್ಟದಿಂದ ನಿಗದಿತ ಅವಧಿಯೊಳಗೆ ಪೂರ್ಣಗೊಳಿಸಬೇಕು. ಫಲಾನುಭವಿಗಳಿಗೆ ಕುಡಿಯುವ ನೀರು, ವಿದ್ಯುತ್, ಒಳಚರಂಡಿ ಸೇರಿದಂತೆ ಅಗತ್ಯ ಮೂಲಸೌಕರ್ಯ ಕಲ್ಪಿಸಬೇಕು ಎಂದು ತಿಳಿಸಿದರು. ಸಭೆಯಲ್ಲಿ ಸ್ಲಂ ಬೋರ್ಡ್ ಕಾರ್ಯಪಾಲಕ ಅಭಿಯಂತರರು, ನಗರಸಭೆ ಆಯುಕ್ತರು ಸೇರಿದಂತೆ ವಿವಿಧ ಇಲಾಖೆಗಳ ಅಧಿಕಾರಿಗಳು ಹಾಜರಿದ್ದರು.
